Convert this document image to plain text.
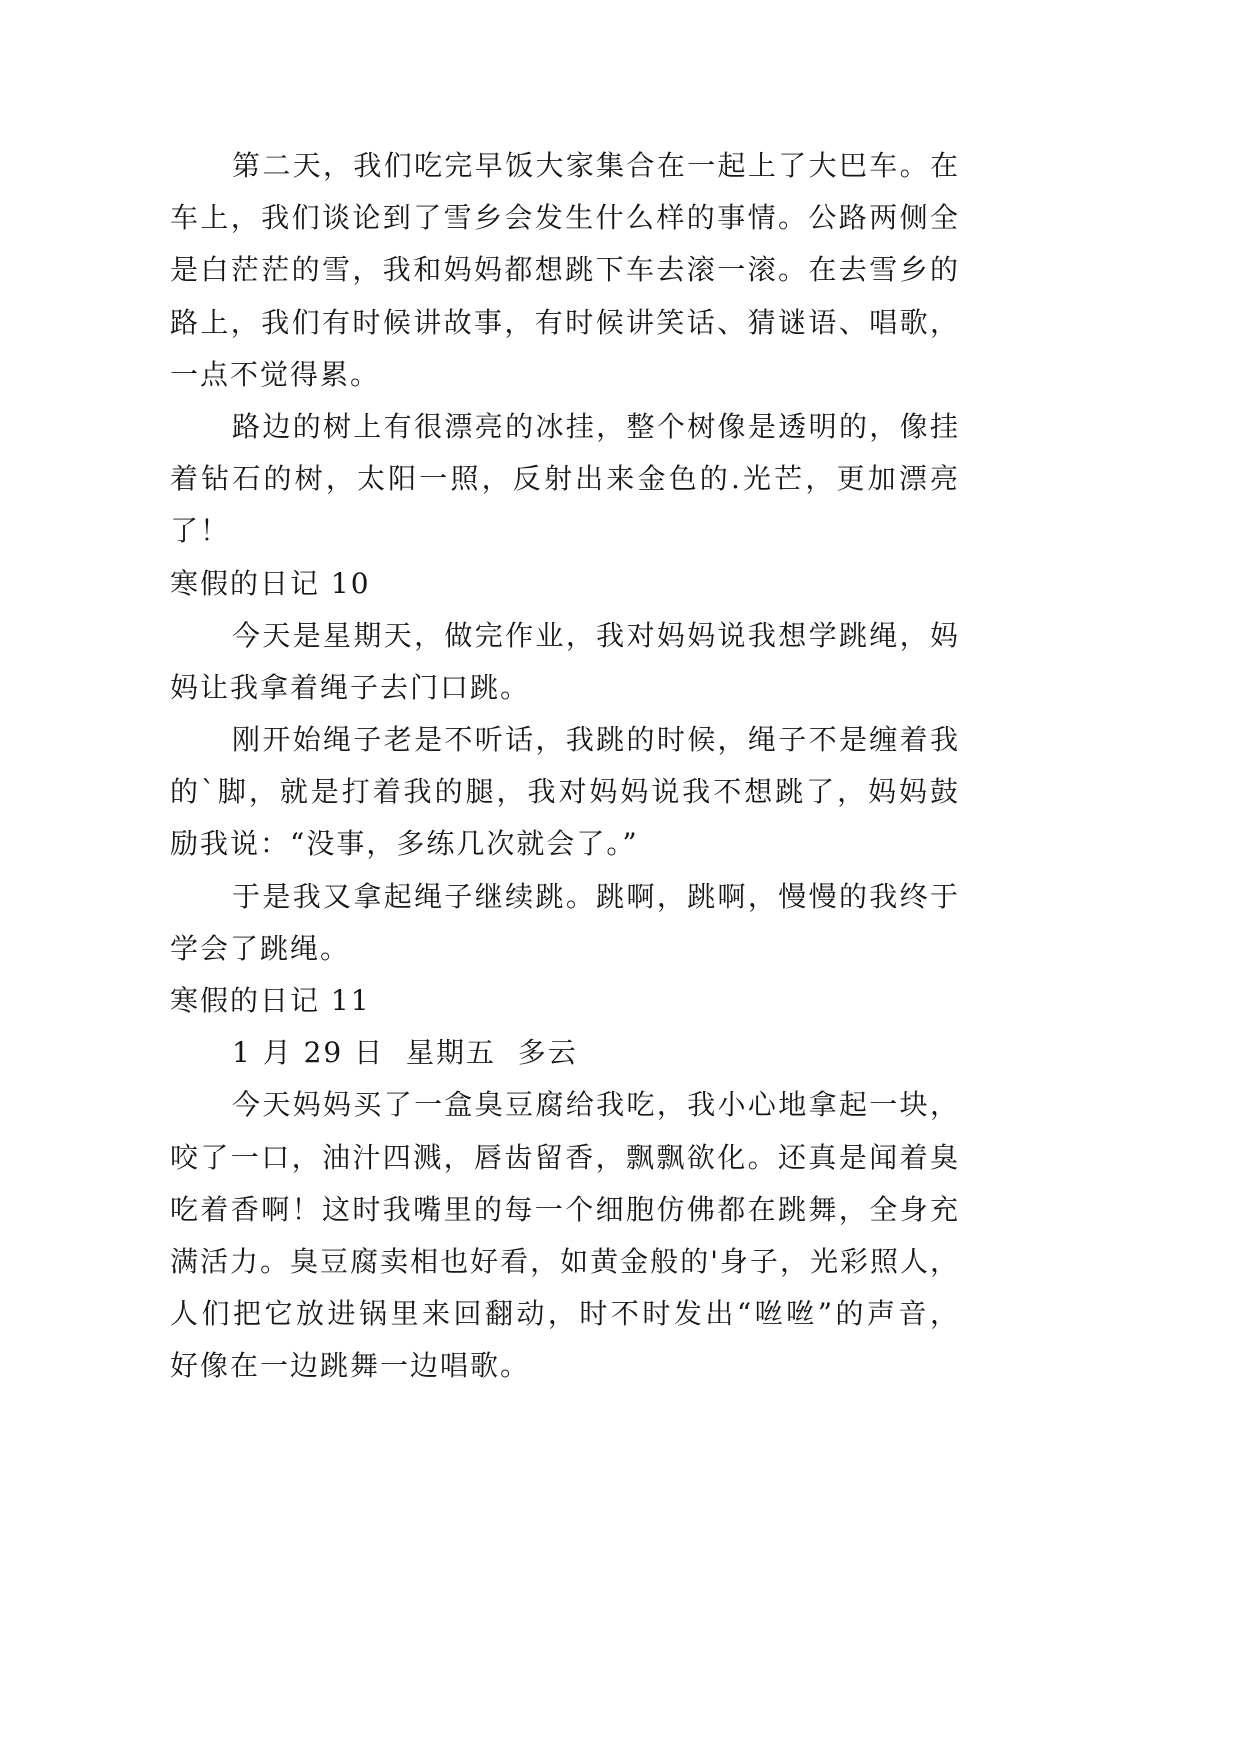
第二天，我们吃完早饭大家集合在一起上了大巴车。在
车上，我们谈论到了雪乡会发生什么样的事情。公路两侧全
是白茫茫的雪，我和妈妈都想跳下车去滚一滚。在去雪乡的
路上，我们有时候讲故事，有时候讲笑话、猜谜语、唱歌，
一点不觉得累。
路边的树上有很漂亮的冰挂，整个树像是透明的，像挂
着钻石的树，太阳一照，反射出来金色的.光芒，更加漂亮
了！
寒假的日记 10
今天是星期天，做完作业，我对妈妈说我想学跳绳，妈
妈让我拿着绳子去门口跳。
刚开始绳子老是不听话，我跳的时候，绳子不是缠着我
的`脚，就是打着我的腿，我对妈妈说我不想跳了，妈妈鼓
励我说：“没事，多练几次就会了。”
于是我又拿起绳子继续跳。跳啊，跳啊，慢慢的我终于
学会了跳绳。
寒假的日记 11
1 月 29 日  星期五  多云
今天妈妈买了一盒臭豆腐给我吃，我小心地拿起一块，
咬了一口，油汁四溅，唇齿留香，飘飘欲化。还真是闻着臭
吃着香啊！这时我嘴里的每一个细胞仿佛都在跳舞，全身充
满活力。臭豆腐卖相也好看，如黄金般的'身子，光彩照人，
人们把它放进锅里来回翻动，时不时发出“咝咝”的声音，
好像在一边跳舞一边唱歌。
